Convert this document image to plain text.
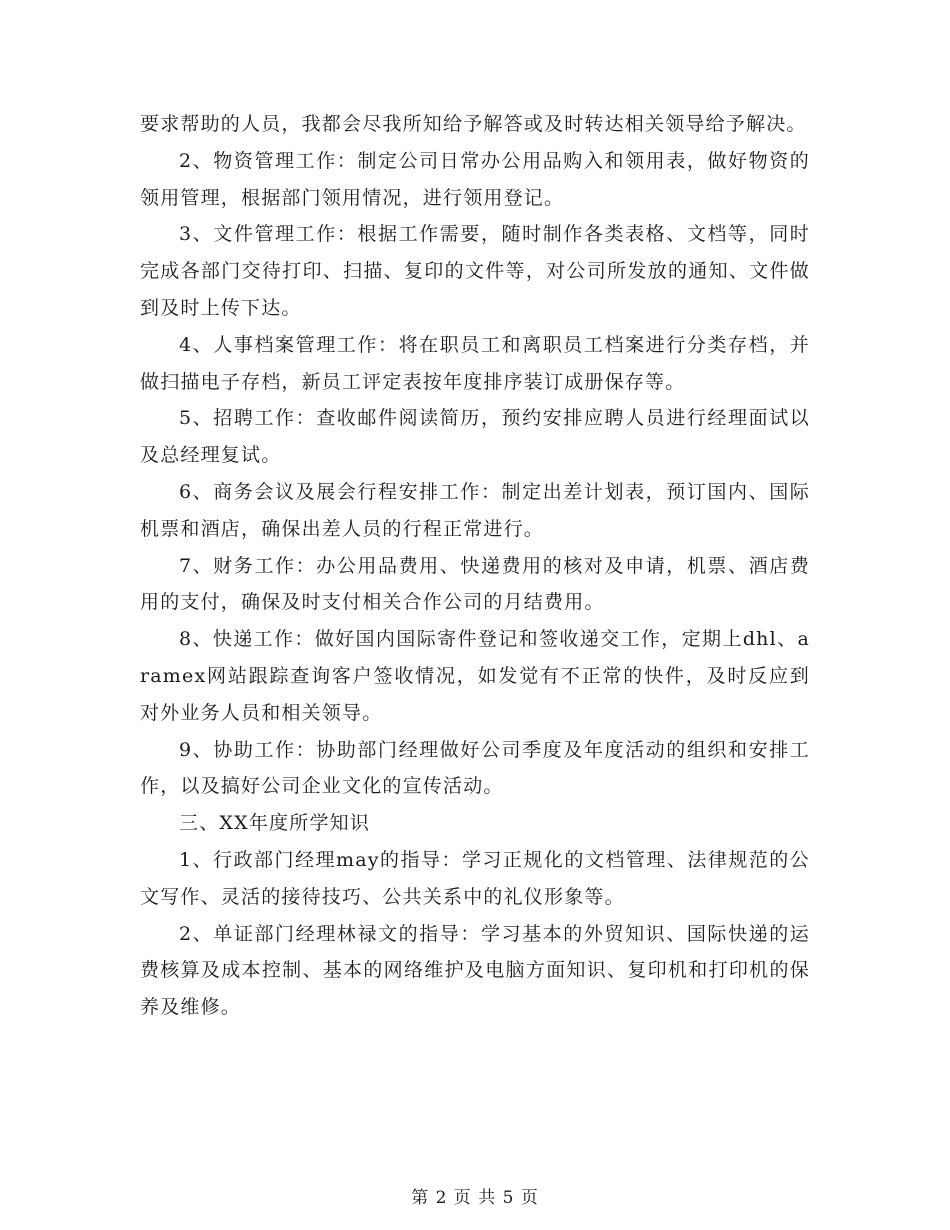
要求帮助的人员，我都会尽我所知给予解答或及时转达相关领导给予解决。

2、物资管理工作：制定公司日常办公用品购入和领用表，做好物资的领用管理，根据部门领用情况，进行领用登记。

3、文件管理工作：根据工作需要，随时制作各类表格、文档等，同时完成各部门交待打印、扫描、复印的文件等，对公司所发放的通知、文件做到及时上传下达。

4、人事档案管理工作：将在职员工和离职员工档案进行分类存档，并做扫描电子存档，新员工评定表按年度排序装订成册保存等。

5、招聘工作：查收邮件阅读简历，预约安排应聘人员进行经理面试以及总经理复试。

6、商务会议及展会行程安排工作：制定出差计划表，预订国内、国际机票和酒店，确保出差人员的行程正常进行。

7、财务工作：办公用品费用、快递费用的核对及申请，机票、酒店费用的支付，确保及时支付相关合作公司的月结费用。

8、快递工作：做好国内国际寄件登记和签收递交工作，定期上dhl、aramex网站跟踪查询客户签收情况，如发觉有不正常的快件，及时反应到对外业务人员和相关领导。

9、协助工作：协助部门经理做好公司季度及年度活动的组织和安排工作，以及搞好公司企业文化的宣传活动。

三、XX年度所学知识

1、行政部门经理may的指导：学习正规化的文档管理、法律规范的公文写作、灵活的接待技巧、公共关系中的礼仪形象等。

2、单证部门经理林禄文的指导：学习基本的外贸知识、国际快递的运费核算及成本控制、基本的网络维护及电脑方面知识、复印机和打印机的保养及维修。

第 2 页 共 5 页
